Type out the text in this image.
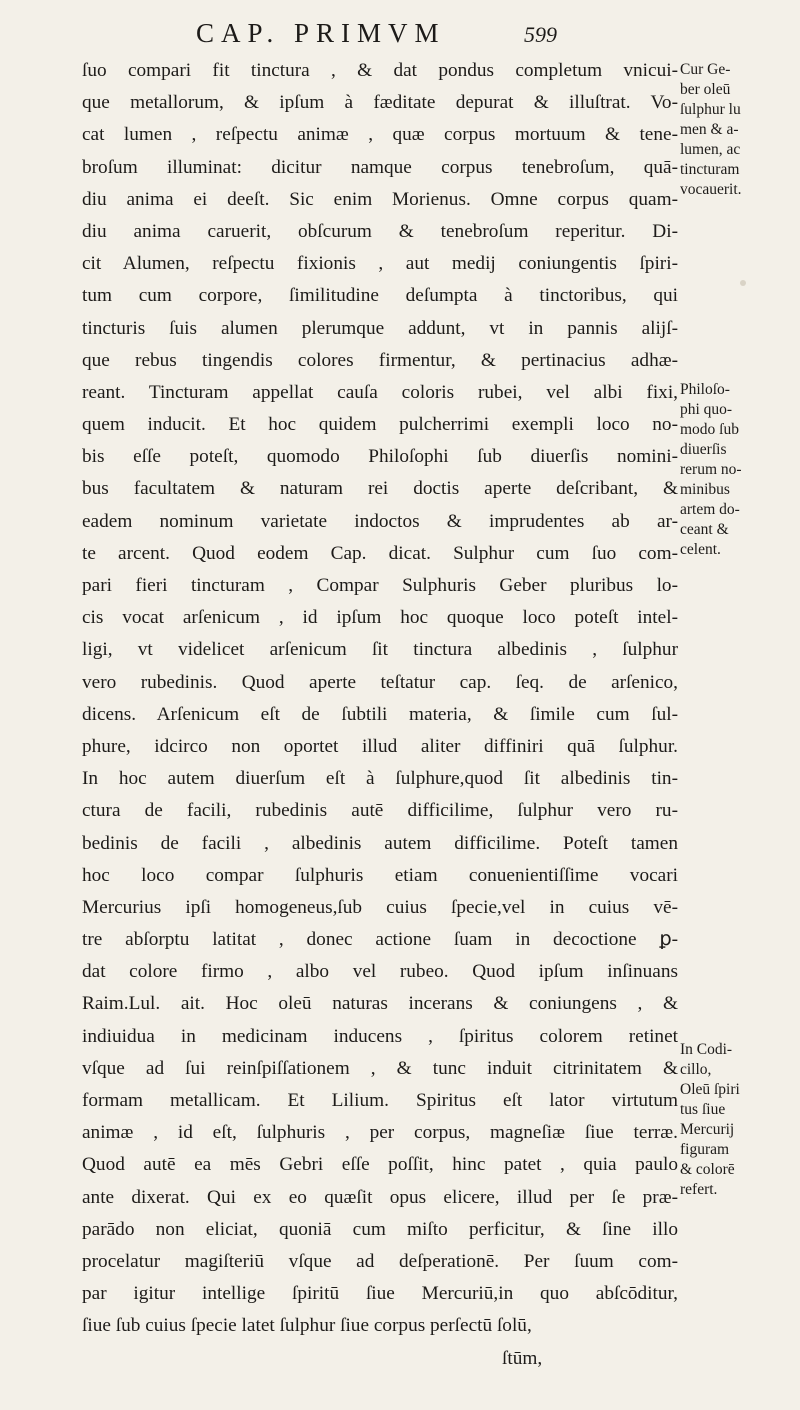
CAP. PRIMVM	599
ſuo compari fit tinctura , & dat pondus completum vnicui-
que metallorum, & ipſum à fæditate depurat & illuſtrat. Vo-
cat lumen , reſpectu animæ , quæ corpus mortuum & tene-
broſum illuminat: dicitur namque corpus tenebroſum, quā-
diu anima ei deeſt. Sic enim Morienus. Omne corpus quam-
diu anima caruerit, obſcurum & tenebroſum reperitur. Di-
cit Alumen, reſpectu fixionis , aut medij coniungentis ſpiri-
tum cum corpore, ſimilitudine deſumpta à tinctoribus, qui
tincturis ſuis alumen plerumque addunt, vt in pannis alijſ-
que rebus tingendis colores firmentur, & pertinacius adhæ-
reant. Tincturam appellat cauſa coloris rubei, vel albi fixi,
quem inducit. Et hoc quidem pulcherrimi exempli loco no-
bis eſſe poteſt, quomodo Philoſophi ſub diuerſis nomini-
bus facultatem & naturam rei doctis aperte deſcribant, &
eadem nominum varietate indoctos & imprudentes ab ar-
te arcent. Quod eodem Cap. dicat. Sulphur cum ſuo com-
pari fieri tincturam , Compar Sulphuris Geber pluribus lo-
cis vocat arſenicum , id ipſum hoc quoque loco poteſt intel-
ligi, vt videlicet arſenicum ſit tinctura albedinis , ſulphur
vero rubedinis. Quod aperte teſtatur cap. ſeq. de arſenico,
dicens. Arſenicum eſt de ſubtili materia, & ſimile cum ſul-
phure, idcirco non oportet illud aliter diffiniri quā ſulphur.
In hoc autem diuerſum eſt à ſulphure,quod ſit albedinis tin-
ctura de facili, rubedinis autē difficilime, ſulphur vero ru-
bedinis de facili , albedinis autem difficilime. Poteſt tamen
hoc loco compar ſulphuris etiam conuenientiſſime vocari
Mercurius ipſi homogeneus,ſub cuius ſpecie,vel in cuius vē-
tre abſorptu latitat , donec actione ſuam in decoctione ꝑ-
dat colore firmo , albo vel rubeo. Quod ipſum inſinuans
Raim.Lul. ait. Hoc oleū naturas incerans & coniungens , &
indiuidua in medicinam inducens , ſpiritus colorem retinet
vſque ad ſui reinſpiſſationem , & tunc induit citrinitatem &
formam metallicam. Et Lilium. Spiritus eſt lator virtutum
animæ , id eſt, ſulphuris , per corpus, magneſiæ ſiue terræ.
Quod autē ea mēs Gebri eſſe poſſit, hinc patet , quia paulo
ante dixerat. Qui ex eo quæſit opus elicere, illud per ſe præ-
parādo non eliciat, quoniā cum miſto perficitur, & ſine illo
procelatur magiſteriū vſque ad deſperationē. Per ſuum com-
par igitur intellige ſpiritū ſiue Mercuriū,in quo abſcōditur,
ſiue ſub cuius ſpecie latet ſulphur ſiue corpus perſectū ſolū,
ſtūm,
Cur Ge-
ber oleū
ſulphur lu
men & a-
lumen, ac
tincturam
vocauerit.
Philoſo-
phi quo-
modo ſub
diuerſis
rerum no-
minibus
artem do-
ceant &
celent.
In Codi-
cillo,
Oleū ſpiri
tus ſiue
Mercurij
figuram
& colorē
refert.
